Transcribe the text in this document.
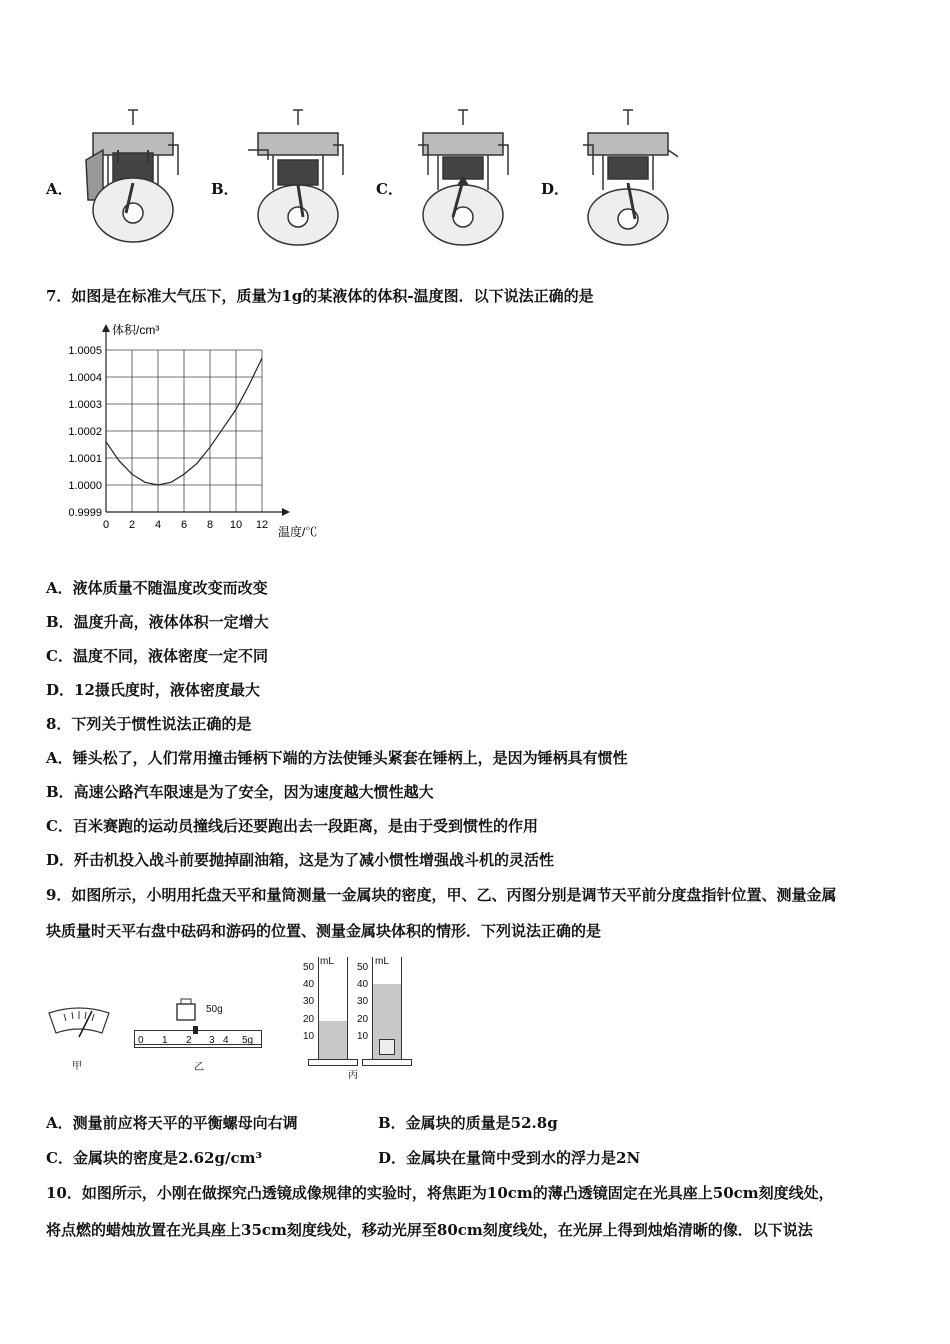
A．	B．	C．	D．
7．如图是在标准大气压下，质量为1g的某液体的体积-温度图．以下说法正确的是
1.0005
1.0004
1.0003
1.0002
1.0001
1.0000
0.9999
0 2 4 6 8 10 12
体积/cm³
温度/℃
A．液体质量不随温度改变而改变
B．温度升高，液体体积一定增大
C．温度不同，液体密度一定不同
D．12摄氏度时，液体密度最大
8．下列关于惯性说法正确的是
A．锤头松了，人们常用撞击锤柄下端的方法使锤头紧套在锤柄上，是因为锤柄具有惯性
B．高速公路汽车限速是为了安全，因为速度越大惯性越大
C．百米赛跑的运动员撞线后还要跑出去一段距离，是由于受到惯性的作用
D．歼击机投入战斗前要抛掉副油箱，这是为了减小惯性增强战斗机的灵活性
9．如图所示，小明用托盘天平和量筒测量一金属块的密度，甲、乙、丙图分别是调节天平前分度盘指针位置、测量金属
块质量时天平右盘中砝码和游码的位置、测量金属块体积的情形．下列说法正确的是
甲
50g
0 1 2 3 4 5g
乙
mL
50
40
30
20
10
mL
50
40
30
20
10
丙
A．测量前应将天平的平衡螺母向右调	B．金属块的质量是52.8g
C．金属块的密度是2.62g/cm³	D．金属块在量筒中受到水的浮力是2N
10．如图所示，小刚在做探究凸透镜成像规律的实验时，将焦距为10cm的薄凸透镜固定在光具座上50cm刻度线处，
将点燃的蜡烛放置在光具座上35cm刻度线处，移动光屏至80cm刻度线处，在光屏上得到烛焰清晰的像．以下说法
